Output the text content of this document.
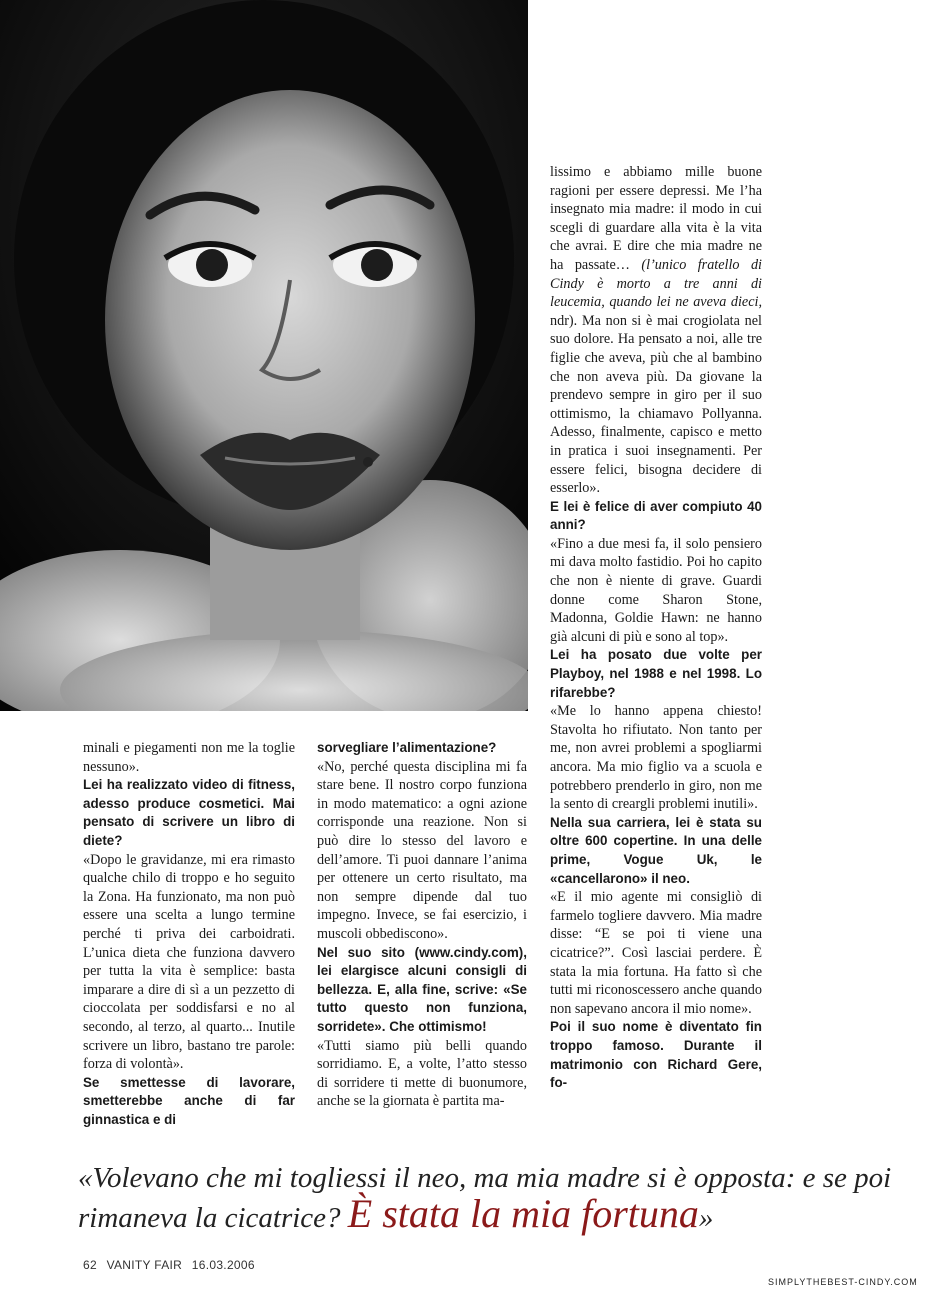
lissimo e abbiamo mille buone ragioni per essere depressi. Me l’ha insegnato mia madre: il modo in cui scegli di guardare alla vita è la vita che avrai. E dire che mia madre ne ha passate… (l’unico fratello di Cindy è morto a tre anni di leucemia, quando lei ne aveva dieci, ndr). Ma non si è mai crogiolata nel suo dolore. Ha pensato a noi, alle tre figlie che aveva, più che al bambino che non aveva più. Da giovane la prendevo sempre in giro per il suo ottimismo, la chiamavo Pollyanna. Adesso, finalmente, capisco e metto in pratica i suoi insegnamenti. Per essere felici, bisogna decidere di esserlo».

E lei è felice di aver compiuto 40 anni?

«Fino a due mesi fa, il solo pensiero mi dava molto fastidio. Poi ho capito che non è niente di grave. Guardi donne come Sharon Stone, Madonna, Goldie Hawn: ne hanno già alcuni di più e sono al top».

Lei ha posato due volte per Playboy, nel 1988 e nel 1998. Lo rifarebbe?

«Me lo hanno appena chiesto! Stavolta ho rifiutato. Non tanto per me, non avrei problemi a spogliarmi ancora. Ma mio figlio va a scuola e potrebbero prenderlo in giro, non me la sento di creargli problemi inutili».

Nella sua carriera, lei è stata su oltre 600 copertine. In una delle prime, Vogue Uk, le «cancellarono» il neo.

«E il mio agente mi consigliò di farmelo togliere davvero. Mia madre disse: “E se poi ti viene una cicatrice?”. Così lasciai perdere. È stata la mia fortuna. Ha fatto sì che tutti mi riconoscessero anche quando non sapevano ancora il mio nome».

Poi il suo nome è diventato fin troppo famoso. Durante il matrimonio con Richard Gere, fo-

minali e piegamenti non me la toglie nessuno».

Lei ha realizzato video di fitness, adesso produce cosmetici. Mai pensato di scrivere un libro di diete?

«Dopo le gravidanze, mi era rimasto qualche chilo di troppo e ho seguito la Zona. Ha funzionato, ma non può essere una scelta a lungo termine perché ti priva dei carboidrati. L’unica dieta che funziona davvero per tutta la vita è semplice: basta imparare a dire di sì a un pezzetto di cioccolata per soddisfarsi e no al secondo, al terzo, al quarto... Inutile scrivere un libro, bastano tre parole: forza di volontà».

Se smettesse di lavorare, smetterebbe anche di far ginnastica e di

sorvegliare l’alimentazione?

«No, perché questa disciplina mi fa stare bene. Il nostro corpo funziona in modo matematico: a ogni azione corrisponde una reazione. Non si può dire lo stesso del lavoro e dell’amore. Ti puoi dannare l’anima per ottenere un certo risultato, ma non sempre dipende dal tuo impegno. Invece, se fai esercizio, i muscoli obbediscono».

Nel suo sito (www.cindy.com), lei elargisce alcuni consigli di bellezza. E, alla fine, scrive: «Se tutto questo non funziona, sorridete». Che ottimismo!

«Tutti siamo più belli quando sorridiamo. E, a volte, l’atto stesso di sorridere ti mette di buonumore, anche se la giornata è partita ma-

«Volevano che mi togliessi il neo, ma mia madre si è opposta: e se poi rimaneva la cicatrice? È stata la mia fortuna»
62 VANITY FAIR 16.03.2006
SIMPLYTHEBEST-CINDY.COM
